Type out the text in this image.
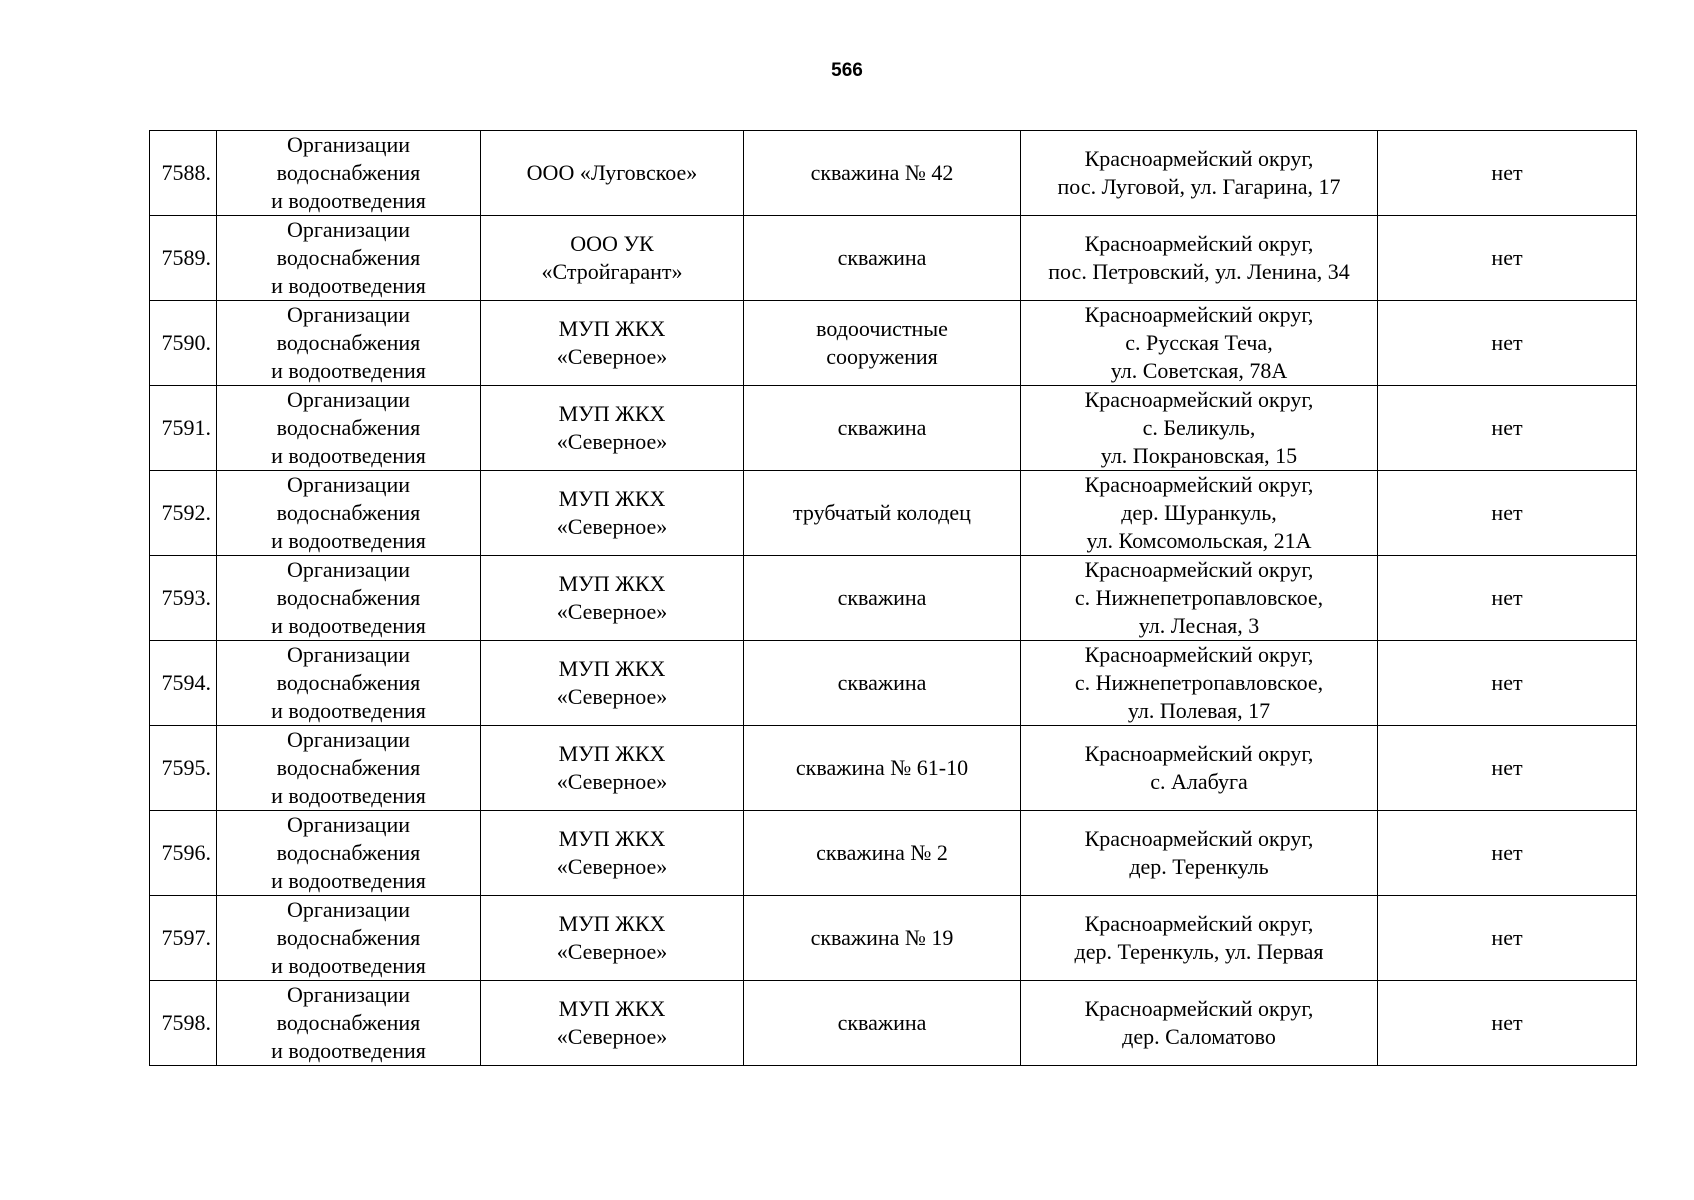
566
7588.	Организации
водоснабжения
и водоотведения	ООО «Луговское»	скважина № 42	Красноармейский округ,
пос. Луговой, ул. Гагарина, 17	нет
7589.	Организации
водоснабжения
и водоотведения	ООО УК
«Стройгарант»	скважина	Красноармейский округ,
пос. Петровский, ул. Ленина, 34	нет
7590.	Организации
водоснабжения
и водоотведения	МУП ЖКХ
«Северное»	водоочистные
сооружения	Красноармейский округ,
с. Русская Теча,
ул. Советская, 78А	нет
7591.	Организации
водоснабжения
и водоотведения	МУП ЖКХ
«Северное»	скважина	Красноармейский округ,
с. Беликуль,
ул. Покрановская, 15	нет
7592.	Организации
водоснабжения
и водоотведения	МУП ЖКХ
«Северное»	трубчатый колодец	Красноармейский округ,
дер. Шуранкуль,
ул. Комсомольская, 21А	нет
7593.	Организации
водоснабжения
и водоотведения	МУП ЖКХ
«Северное»	скважина	Красноармейский округ,
с. Нижнепетропавловское,
ул. Лесная, 3	нет
7594.	Организации
водоснабжения
и водоотведения	МУП ЖКХ
«Северное»	скважина	Красноармейский округ,
с. Нижнепетропавловское,
ул. Полевая, 17	нет
7595.	Организации
водоснабжения
и водоотведения	МУП ЖКХ
«Северное»	скважина № 61-10	Красноармейский округ,
с. Алабуга	нет
7596.	Организации
водоснабжения
и водоотведения	МУП ЖКХ
«Северное»	скважина № 2	Красноармейский округ,
дер. Теренкуль	нет
7597.	Организации
водоснабжения
и водоотведения	МУП ЖКХ
«Северное»	скважина № 19	Красноармейский округ,
дер. Теренкуль, ул. Первая	нет
7598.	Организации
водоснабжения
и водоотведения	МУП ЖКХ
«Северное»	скважина	Красноармейский округ,
дер. Саломатово	нет
